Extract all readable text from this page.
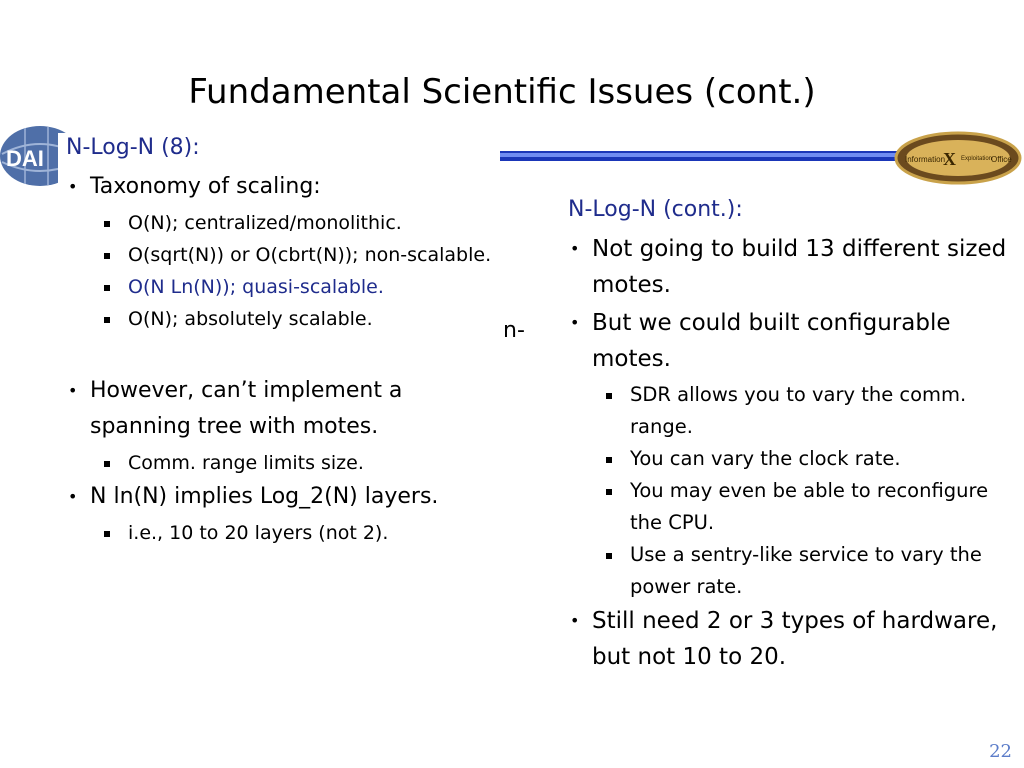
Fundamental Scientific Issues (cont.)
DAI	Information
X Exploitation
Office
n-
N-Log-N (8):
• Taxonomy of scaling:
O(N); centralized/monolithic.
O(sqrt(N)) or O(cbrt(N)); non-scalable.
O(N Ln(N)); quasi-scalable.
O(N); absolutely scalable.
• However, can’t implement a spanning tree with motes.
Comm. range limits size.
• N ln(N) implies Log_2(N) layers.
i.e., 10 to 20 layers (not 2).
N-Log-N (cont.):
• Not going to build 13 different sized motes.
• But we could built configurable motes.
SDR allows you to vary the comm. range.
You can vary the clock rate.
You may even be able to reconfigure the CPU.
Use a sentry-like service to vary the power rate.
• Still need 2 or 3 types of hardware, but not 10 to 20.
22
